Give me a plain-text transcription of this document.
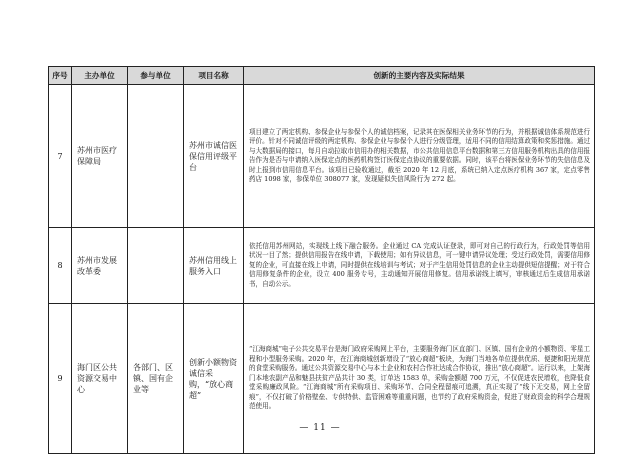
序号	主办单位	参与单位	项目名称	创新的主要内容及实际结果
7	苏州市医疗保障局		苏州市诚信医保信用评级平台	项目建立了两定机构、参保企业与参保个人的诚信档案，记录其在医保相关业务环节的行为，并根据诚信体系规范进行评价。针对不同诚信评级的两定机构、参保企业与参保个人进行分级管理，适用不同的信用结算政策和奖惩措施。通过与大数据局的接口，每月自动拉取市信用办的相关数据，市公共信用信息平台数据和第三方信用服务机构出具的信用报告作为是否与申请纳入医保定点的医药机构签订医保定点协议的重要依据。同时，该平台将医保业务环节的失信信息及时上报到市信用信息平台。该项目已验收通过，截至 2020 年 12 月底，系统已纳入定点医疗机构 367 家，定点零售药店 1098 家，参保单位 308077 家，发现疑似失信风险行为 272 起。
8	苏州市发展改革委		苏州信用线上服务入口	依托信用苏州网站，实现线上线下融合服务。企业通过 CA 完成认证登录，即可对自己的行政行为，行政处罚等信用状况一目了然；提供信用报告在线申请，下载使用；如有异议信息，可一键申请异议处理；受过行政处罚，需要信用修复的企业，可直接在线上申请，同时提供在线培训与考试；对于产生信用处罚信息的企业主动提供短信提醒；对于符合信用修复条件的企业，设立 400 服务专号，主动通知开展信用修复。信用承诺线上填写，审核通过后生成信用承诺书，自动公示。
9	海门区公共资源交易中心	各部门、区镇、国有企业等	创新小额物资诚信采购，“放心商超”	“江海商城”电子公共交易平台是海门政府采购网上平台，主要服务海门区直部门、区镇、国有企业的小额物资、零星工程和小型服务采购。2020 年，在江海商城创新增设了“放心商超”板块，为海门当地各单位提供优质、便捷和阳光规范的食堂采购服务。通过公共资源交易中心与本土企业和农村合作社达成合作协议，推出“放心商超”。运行以来，上架海门本地农副产品和魅县扶贫产品共计 30 类，订单达 1583 单，采购金额超 700 万元，不仅促进农民增收，也降低食堂采购廉政风险。“江海商城”所有采购项目、采购环节、合同全程留痕可追溯，真正实现了“线下无交易，网上全留痕”，不仅打破了价格壁垒、专供特供、监管困难等重重问题，也节约了政府采购资金，促进了财政资金的科学合理规范使用。
— 11 —
